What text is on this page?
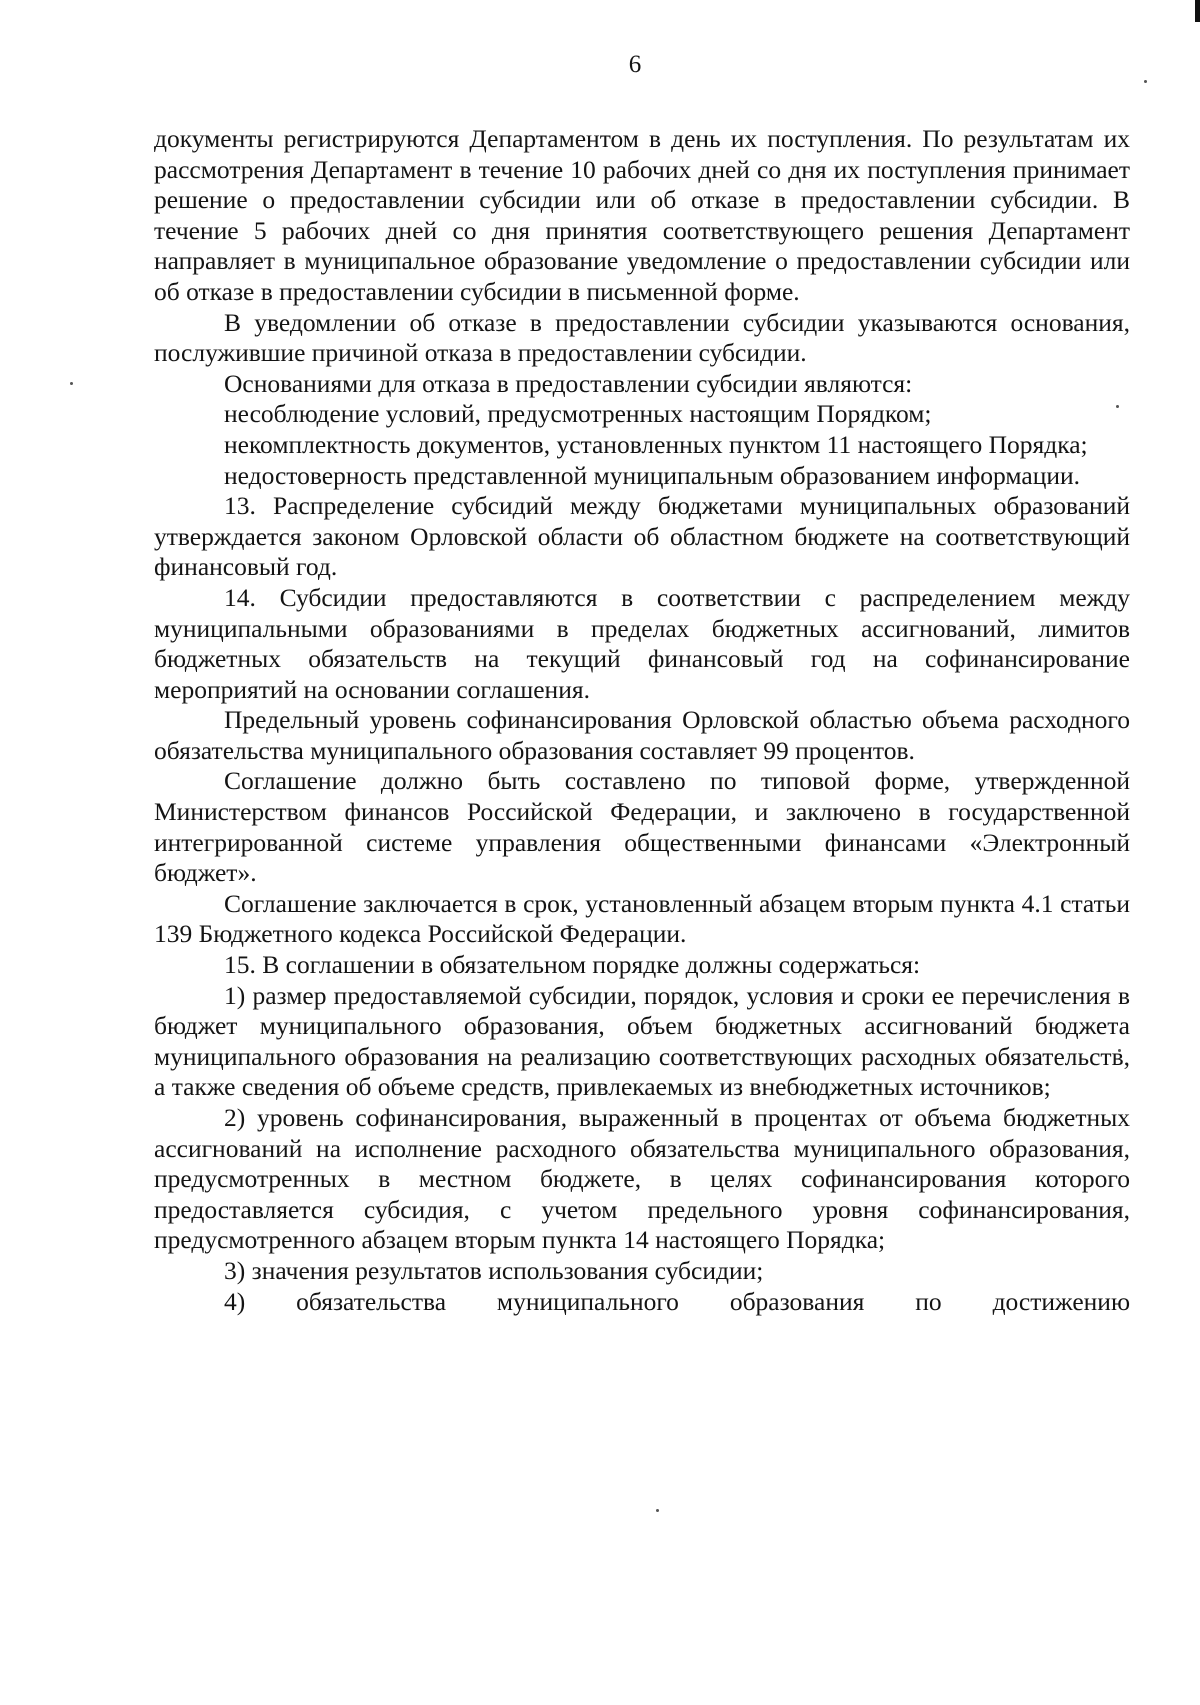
6

документы регистрируются Департаментом в день их поступления. По результатам их рассмотрения Департамент в течение 10 рабочих дней со дня их поступления принимает решение о предоставлении субсидии или об отказе в предоставлении субсидии. В течение 5 рабочих дней со дня принятия соответствующего решения Департамент направляет в муниципальное образование уведомление о предоставлении субсидии или об отказе в предоставлении субсидии в письменной форме.

В уведомлении об отказе в предоставлении субсидии указываются основания, послужившие причиной отказа в предоставлении субсидии.

Основаниями для отказа в предоставлении субсидии являются:

несоблюдение условий, предусмотренных настоящим Порядком;

некомплектность документов, установленных пунктом 11 настоящего Порядка;

недостоверность представленной муниципальным образованием информации.

13. Распределение субсидий между бюджетами муниципальных образований утверждается законом Орловской области об областном бюджете на соответствующий финансовый год.

14. Субсидии предоставляются в соответствии с распределением между муниципальными образованиями в пределах бюджетных ассигнований, лимитов бюджетных обязательств на текущий финансовый год на софинансирование мероприятий на основании соглашения.

Предельный уровень софинансирования Орловской областью объема расходного обязательства муниципального образования составляет 99 процентов.

Соглашение должно быть составлено по типовой форме, утвержденной Министерством финансов Российской Федерации, и заключено в государственной интегрированной системе управления общественными финансами «Электронный бюджет».

Соглашение заключается в срок, установленный абзацем вторым пункта 4.1 статьи 139 Бюджетного кодекса Российской Федерации.

15. В соглашении в обязательном порядке должны содержаться:

1) размер предоставляемой субсидии, порядок, условия и сроки ее перечисления в бюджет муниципального образования, объем бюджетных ассигнований бюджета муниципального образования на реализацию соответствующих расходных обязательств, а также сведения об объеме средств, привлекаемых из внебюджетных источников;

2) уровень софинансирования, выраженный в процентах от объема бюджетных ассигнований на исполнение расходного обязательства муниципального образования, предусмотренных в местном бюджете, в целях софинансирования которого предоставляется субсидия, с учетом предельного уровня софинансирования, предусмотренного абзацем вторым пункта 14 настоящего Порядка;

3) значения результатов использования субсидии;

4) обязательства муниципального образования по достижению
